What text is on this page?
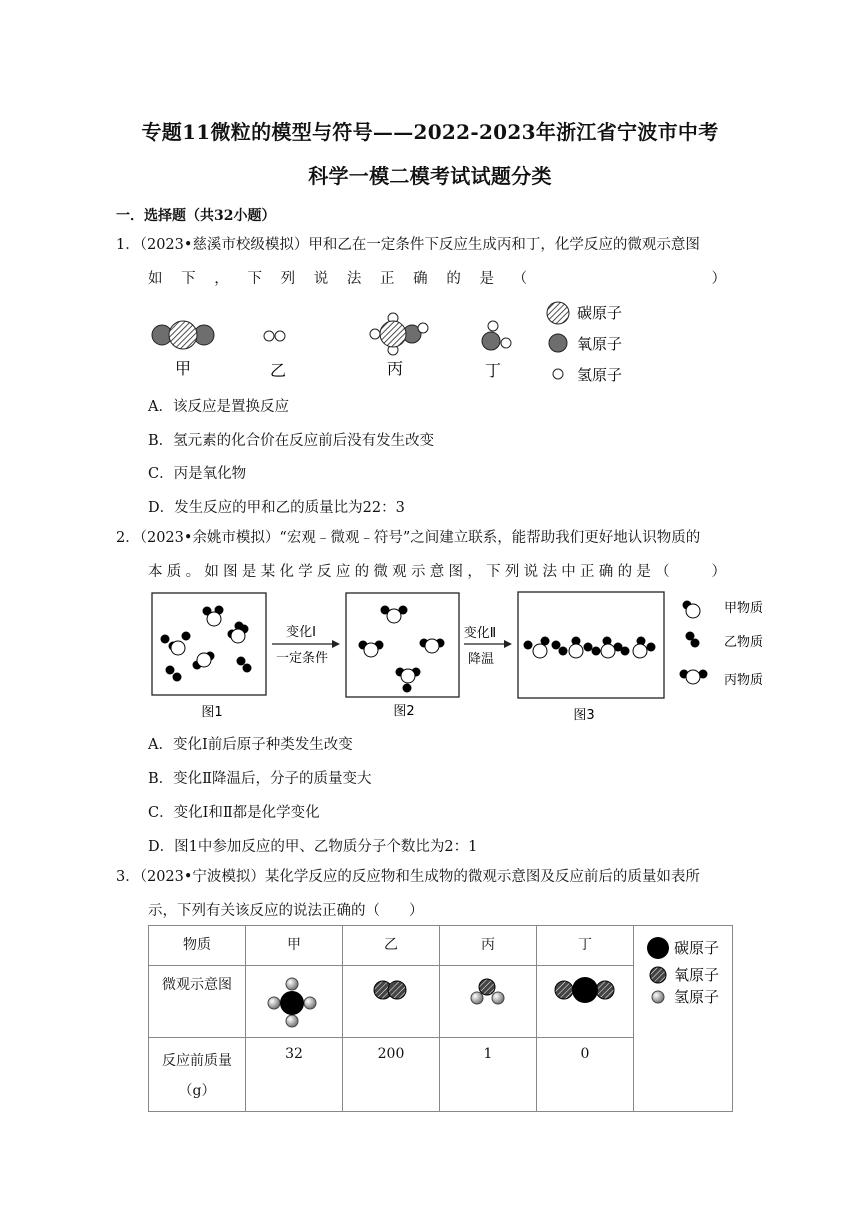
专题11微粒的模型与符号——2022-2023年浙江省宁波市中考
科学一模二模考试试题分类
一．选择题（共32小题）
1．（2023•慈溪市校级模拟）甲和乙在一定条件下反应生成丙和丁，化学反应的微观示意图
如下，下列说法正确的是（　　　　　）
甲	乙	丙	丁
碳原子
氧原子
氢原子
A．该反应是置换反应
B．氢元素的化合价在反应前后没有发生改变
C．丙是氧化物
D．发生反应的甲和乙的质量比为22：3
2．（2023•余姚市模拟）“宏观﹣微观﹣符号”之间建立联系，能帮助我们更好地认识物质的
本质。如图是某化学反应的微观示意图，下列说法中正确的是（　　）
变化Ⅰ
一定条件
变化Ⅱ
降温
图1	图2	图3
甲物质
乙物质
丙物质
A．变化Ⅰ前后原子种类发生改变
B．变化Ⅱ降温后，分子的质量变大
C．变化Ⅰ和Ⅱ都是化学变化
D．图1中参加反应的甲、乙物质分子个数比为2：1
3．（2023•宁波模拟）某化学反应的反应物和生成物的微观示意图及反应前后的质量如表所
示，下列有关该反应的说法正确的（　　）
物质	甲	乙	丙	丁	碳原子
氧原子
氢原子

微观示意图				
反应前质量
（g）	32	200	1	0	
